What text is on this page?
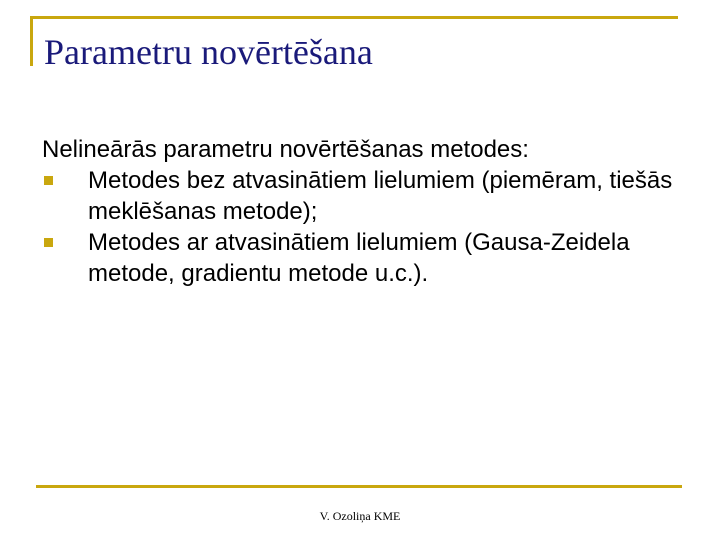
Parametru novērtēšana

Nelineārās parametru novērtēšanas metodes:

Metodes bez atvasinātiem lielumiem (piemēram, tiešās meklēšanas metode);
Metodes ar atvasinātiem lielumiem (Gausa-Zeidela metode, gradientu metode u.c.).
V. Ozoliņa KME
